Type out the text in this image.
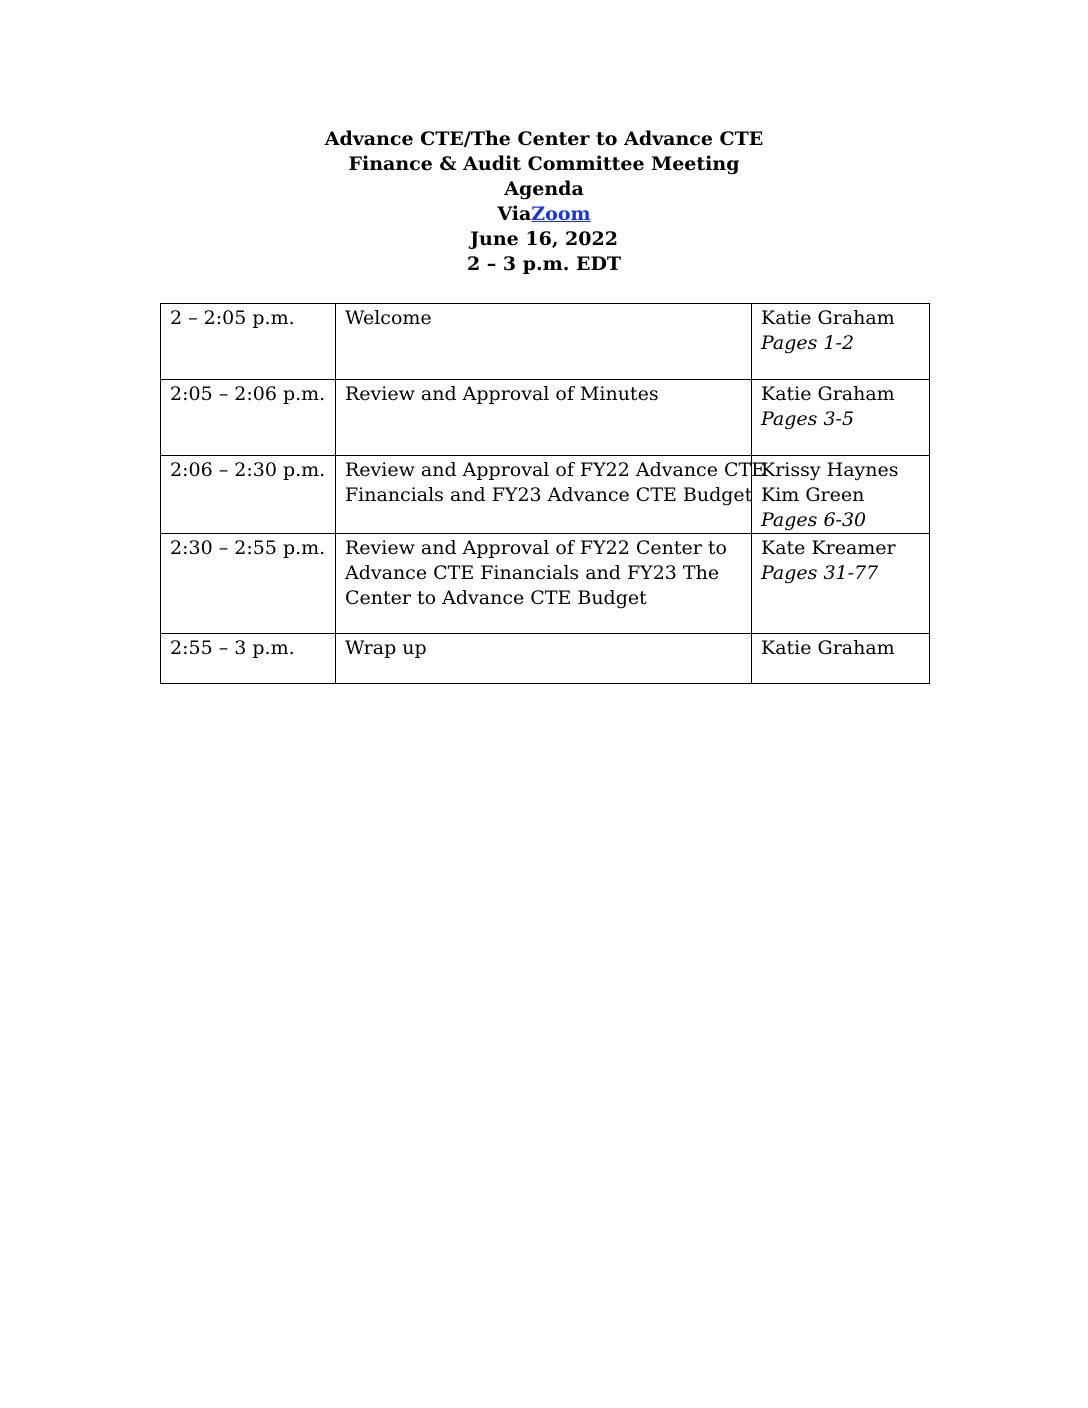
Advance CTE/The Center to Advance CTE
Finance & Audit Committee Meeting
Agenda
ViaZoom
June 16, 2022
2 – 3 p.m. EDT
2 – 2:05 p.m.	Welcome	Katie Graham
Pages 1-2

2:05 – 2:06 p.m.	Review and Approval of Minutes	Katie Graham
Pages 3-5

2:06 – 2:30 p.m.	Review and Approval of FY22 Advance CTE
Financials and FY23 Advance CTE Budget	Krissy Haynes
Kim Green
Pages 6-30

2:30 – 2:55 p.m.	Review and Approval of FY22 Center to
Advance CTE Financials and FY23 The
Center to Advance CTE Budget	Kate Kreamer
Pages 31-77

2:55 – 3 p.m.	Wrap up	Katie Graham
